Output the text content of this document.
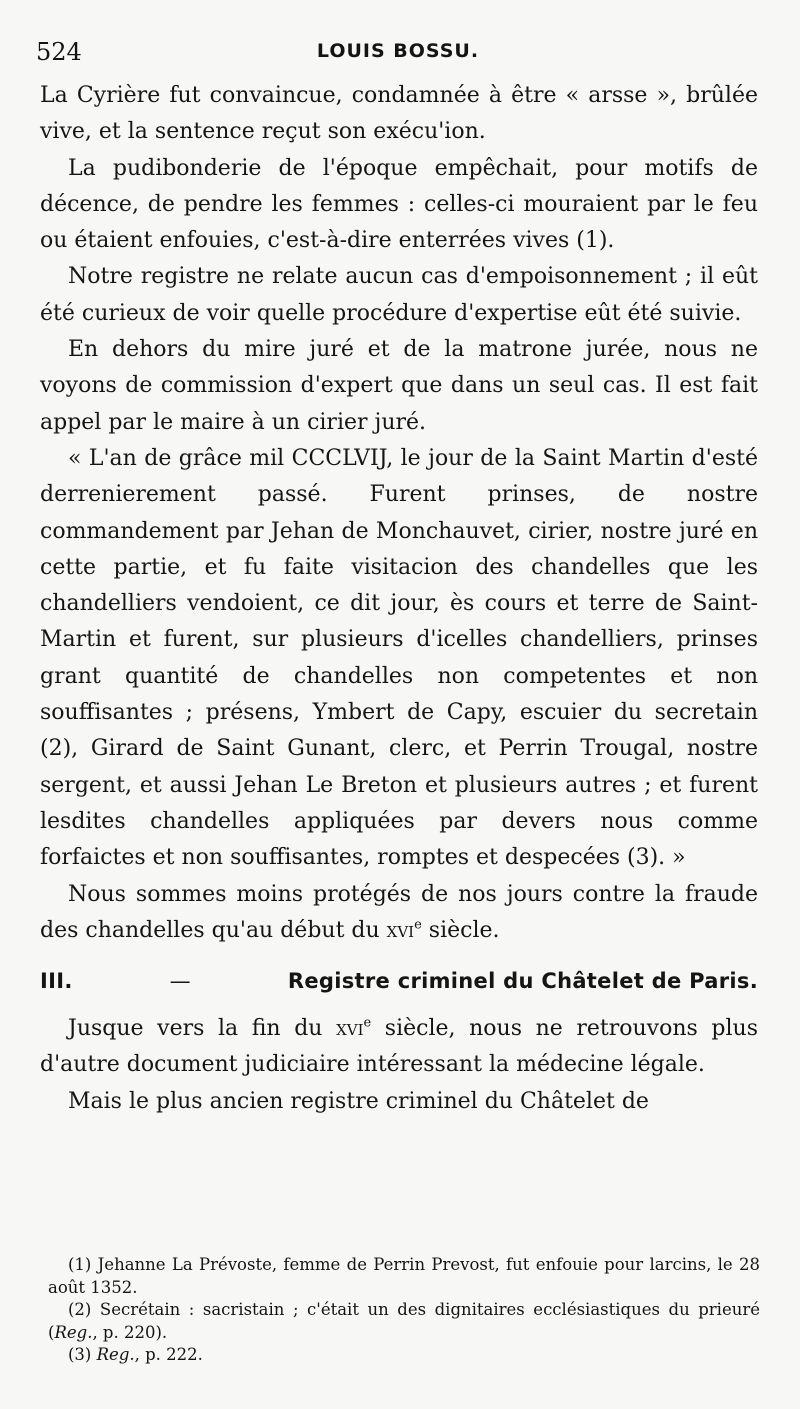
524	LOUIS BOSSU.

La Cyrière fut convaincue, condamnée à être « arsse », brûlée vive, et la sentence reçut son exécu'ion.

La pudibonderie de l'époque empêchait, pour motifs de décence, de pendre les femmes : celles-ci mouraient par le feu ou étaient enfouies, c'est-à-dire enterrées vives (1).

Notre registre ne relate aucun cas d'empoisonnement ; il eût été curieux de voir quelle procédure d'expertise eût été suivie.

En dehors du mire juré et de la matrone jurée, nous ne voyons de commission d'expert que dans un seul cas. Il est fait appel par le maire à un cirier juré.

« L'an de grâce mil CCCLVIJ, le jour de la Saint Martin d'esté derrenierement passé. Furent prinses, de nostre commandement par Jehan de Monchauvet, cirier, nostre juré en cette partie, et fu faite visitacion des chandelles que les chandelliers vendoient, ce dit jour, ès cours et terre de Saint-Martin et furent, sur plusieurs d'icelles chandelliers, prinses grant quantité de chandelles non competentes et non souffisantes ; présens, Ymbert de Capy, escuier du secretain (2), Girard de Saint Gunant, clerc, et Perrin Trougal, nostre sergent, et aussi Jehan Le Breton et plusieurs autres ; et furent lesdites chandelles appliquées par devers nous comme forfaictes et non souffisantes, romptes et despecées (3). »

Nous sommes moins protégés de nos jours contre la fraude des chandelles qu'au début du xvi$^e$ siècle.

III.	—	Registre criminel du Châtelet de Paris.

Jusque vers la fin du xvi$^e$ siècle, nous ne retrouvons plus d'autre document judiciaire intéressant la médecine légale.

Mais le plus ancien registre criminel du Châtelet de

(1) Jehanne La Prévoste, femme de Perrin Prevost, fut enfouie pour larcins, le 28 août 1352.

(2) Secrétain : sacristain ; c'était un des dignitaires ecclésiastiques du prieuré (Reg., p. 220).

(3) Reg., p. 222.
